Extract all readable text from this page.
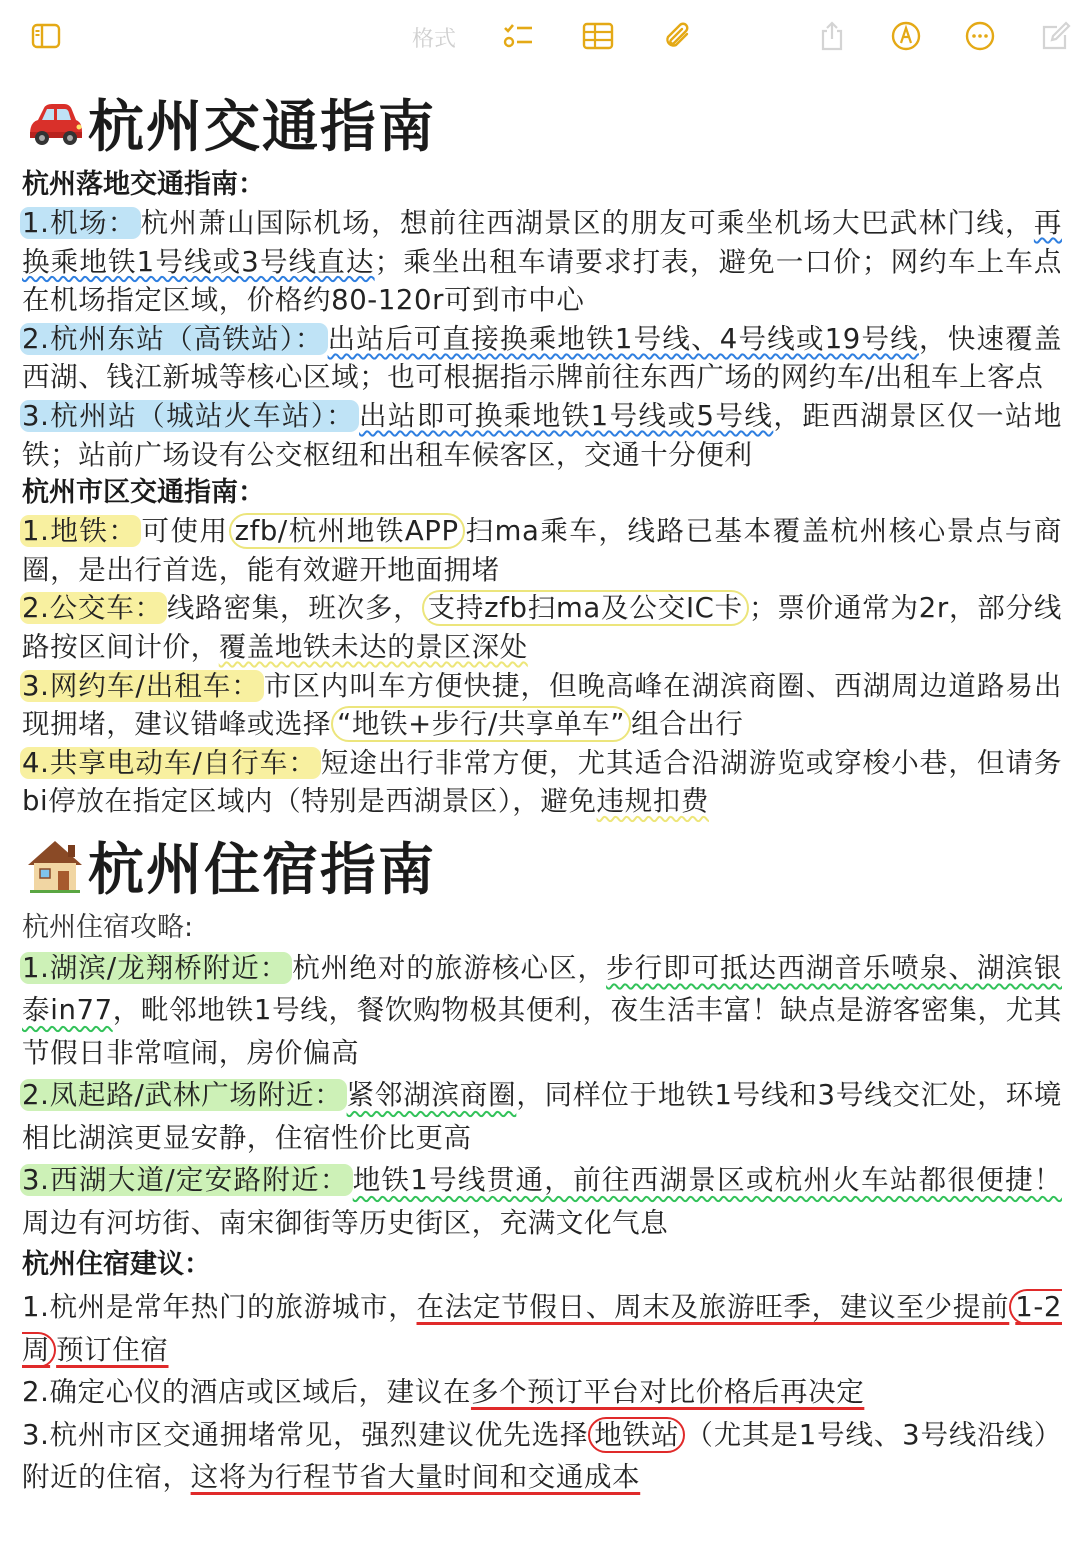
格式
杭州交通指南
杭州落地交通指南：
1.机场： 杭州萧山国际机场，想前往西湖景区的朋友可乘坐机场大巴武林门线，再换乘地铁1号线或3号线直达；乘坐出租车请要求打表，避免一口价；网约车上车点在机场指定区域，价格约80-120r可到市中心
2.杭州东站（高铁站）： 出站后可直接换乘地铁1号线、4号线或19号线，快速覆盖西湖、钱江新城等核心区域；也可根据指示牌前往东西广场的网约车/出租车上客点
3.杭州站（城站火车站）： 出站即可换乘地铁1号线或5号线，距西湖景区仅一站地铁；站前广场设有公交枢纽和出租车候客区，交通十分便利
杭州市区交通指南：
1.地铁： 可使用 zfb/杭州地铁APP 扫ma乘车，线路已基本覆盖杭州核心景点与商圈，是出行首选，能有效避开地面拥堵
2.公交车： 线路密集，班次多， 支持zfb扫ma及公交IC卡 ；票价通常为2r，部分线路按区间计价，覆盖地铁未达的景区深处
3.网约车/出租车： 市区内叫车方便快捷，但晚高峰在湖滨商圈、西湖周边道路易出现拥堵，建议错峰或选择 “地铁+步行/共享单车” 组合出行
4.共享电动车/自行车： 短途出行非常方便，尤其适合沿湖游览或穿梭小巷，但请务bi停放在指定区域内（特别是西湖景区），避免违规扣费
杭州住宿指南
杭州住宿攻略:
1.湖滨/龙翔桥附近： 杭州绝对的旅游核心区，步行即可抵达西湖音乐喷泉、湖滨银泰in77，毗邻地铁1号线，餐饮购物极其便利，夜生活丰富！缺点是游客密集，尤其节假日非常喧闹，房价偏高
2.凤起路/武林广场附近： 紧邻湖滨商圈，同样位于地铁1号线和3号线交汇处，环境相比湖滨更显安静，住宿性价比更高
3.西湖大道/定安路附近： 地铁1号线贯通，前往西湖景区或杭州火车站都很便捷！周边有河坊街、南宋御街等历史街区，充满文化气息
杭州住宿建议：
1.杭州是常年热门的旅游城市，在法定节假日、周末及旅游旺季，建议至少提前 1-2周 预订住宿
2.确定心仪的酒店或区域后，建议在多个预订平台对比价格后再决定
3.杭州市区交通拥堵常见，强烈建议优先选择 地铁站 （尤其是1号线、3号线沿线）附近的住宿，这将为行程节省大量时间和交通成本
